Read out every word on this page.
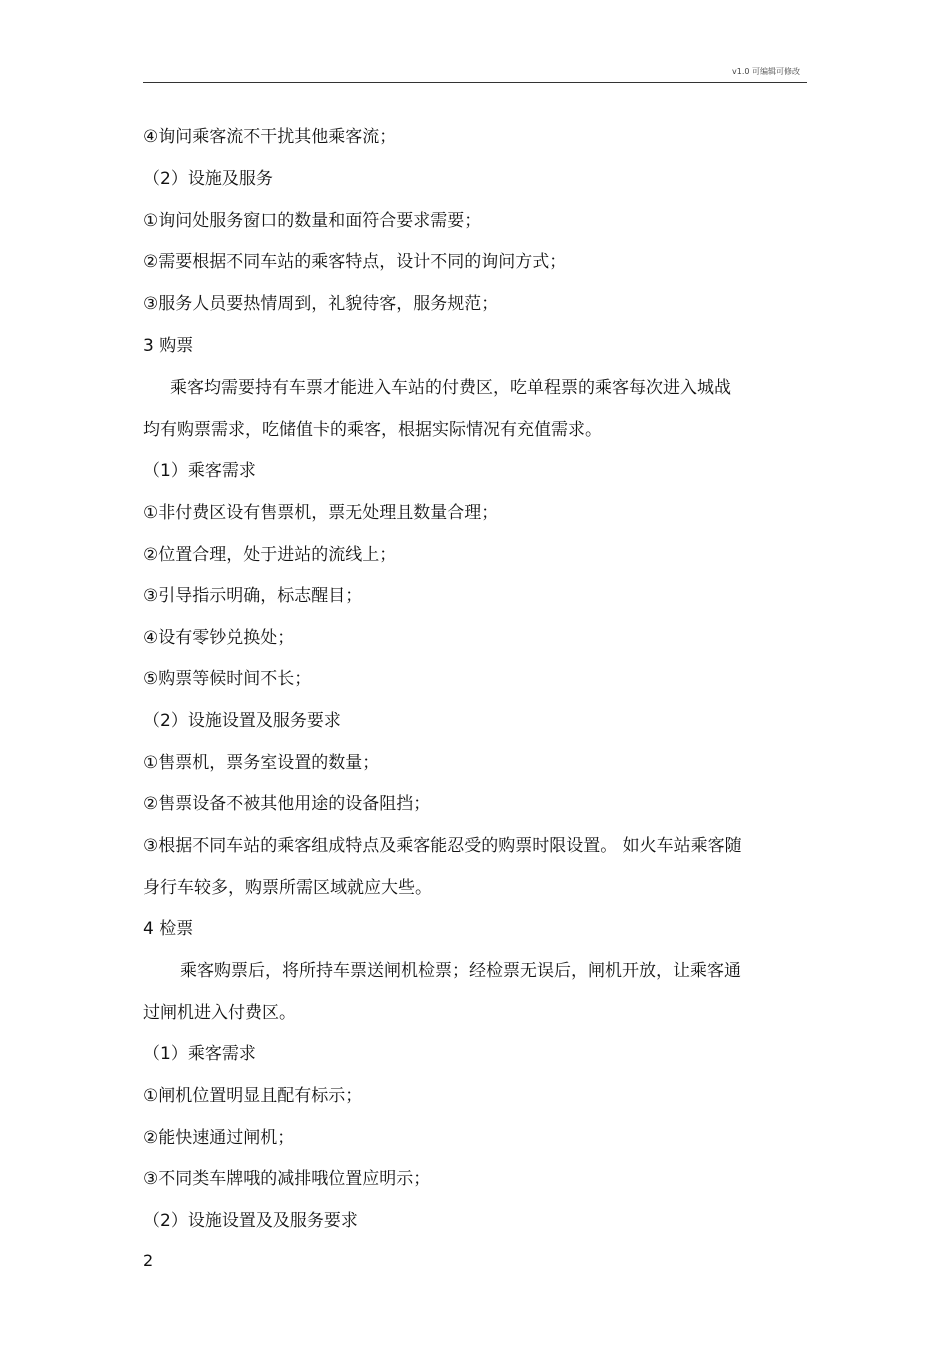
v1.0 可编辑可修改
④询问乘客流不干扰其他乘客流；
（2）设施及服务
①询问处服务窗口的数量和面符合要求需要；
②需要根据不同车站的乘客特点，设计不同的询问方式；
③服务人员要热情周到，礼貌待客，服务规范；
3 购票
乘客均需要持有车票才能进入车站的付费区，吃单程票的乘客每次进入城战
均有购票需求，吃储值卡的乘客，根据实际情况有充值需求。
（1）乘客需求
①非付费区设有售票机，票无处理且数量合理；
②位置合理，处于进站的流线上；
③引导指示明确，标志醒目；
④设有零钞兑换处；
⑤购票等候时间不长；
（2）设施设置及服务要求
①售票机，票务室设置的数量；
②售票设备不被其他用途的设备阻挡；
③根据不同车站的乘客组成特点及乘客能忍受的购票时限设置。 如火车站乘客随
身行车较多，购票所需区域就应大些。
4 检票
乘客购票后，将所持车票送闸机检票；经检票无误后，闸机开放，让乘客通
过闸机进入付费区。
（1）乘客需求
①闸机位置明显且配有标示；
②能快速通过闸机；
③不同类车牌哦的减排哦位置应明示；
（2）设施设置及及服务要求
2
